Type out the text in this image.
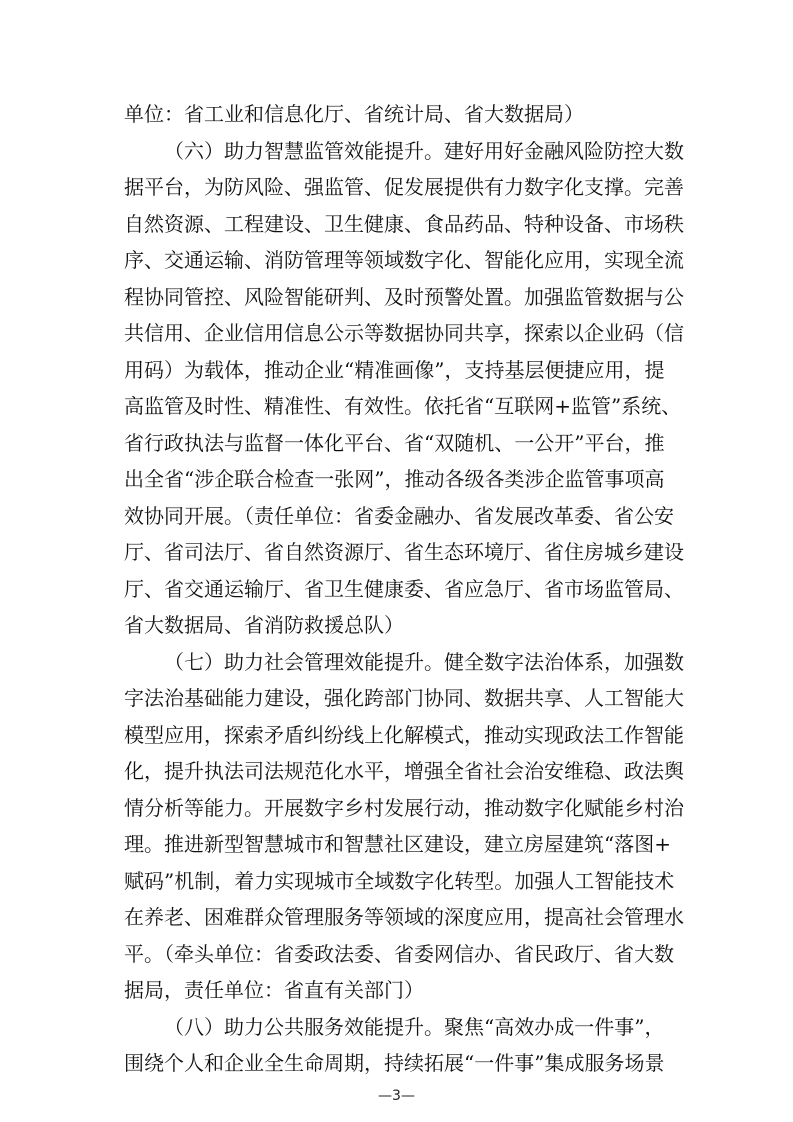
单位：省工业和信息化厅、省统计局、省大数据局）
（六）助力智慧监管效能提升。建好用好金融风险防控大数
据平台，为防风险、强监管、促发展提供有力数字化支撑。完善
自然资源、工程建设、卫生健康、食品药品、特种设备、市场秩
序、交通运输、消防管理等领域数字化、智能化应用，实现全流
程协同管控、风险智能研判、及时预警处置。加强监管数据与公
共信用、企业信用信息公示等数据协同共享，探索以企业码（信
用码）为载体，推动企业“精准画像”，支持基层便捷应用，提
高监管及时性、精准性、有效性。依托省“互联网+监管”系统、
省行政执法与监督一体化平台、省“双随机、一公开”平台，推
出全省“涉企联合检查一张网”，推动各级各类涉企监管事项高
效协同开展。（责任单位：省委金融办、省发展改革委、省公安
厅、省司法厅、省自然资源厅、省生态环境厅、省住房城乡建设
厅、省交通运输厅、省卫生健康委、省应急厅、省市场监管局、
省大数据局、省消防救援总队）
（七）助力社会管理效能提升。健全数字法治体系，加强数
字法治基础能力建设，强化跨部门协同、数据共享、人工智能大
模型应用，探索矛盾纠纷线上化解模式，推动实现政法工作智能
化，提升执法司法规范化水平，增强全省社会治安维稳、政法舆
情分析等能力。开展数字乡村发展行动，推动数字化赋能乡村治
理。推进新型智慧城市和智慧社区建设，建立房屋建筑“落图+
赋码”机制，着力实现城市全域数字化转型。加强人工智能技术
在养老、困难群众管理服务等领域的深度应用，提高社会管理水
平。（牵头单位：省委政法委、省委网信办、省民政厅、省大数
据局，责任单位：省直有关部门）
（八）助力公共服务效能提升。聚焦“高效办成一件事”，
围绕个人和企业全生命周期，持续拓展“一件事”集成服务场景
—3—
